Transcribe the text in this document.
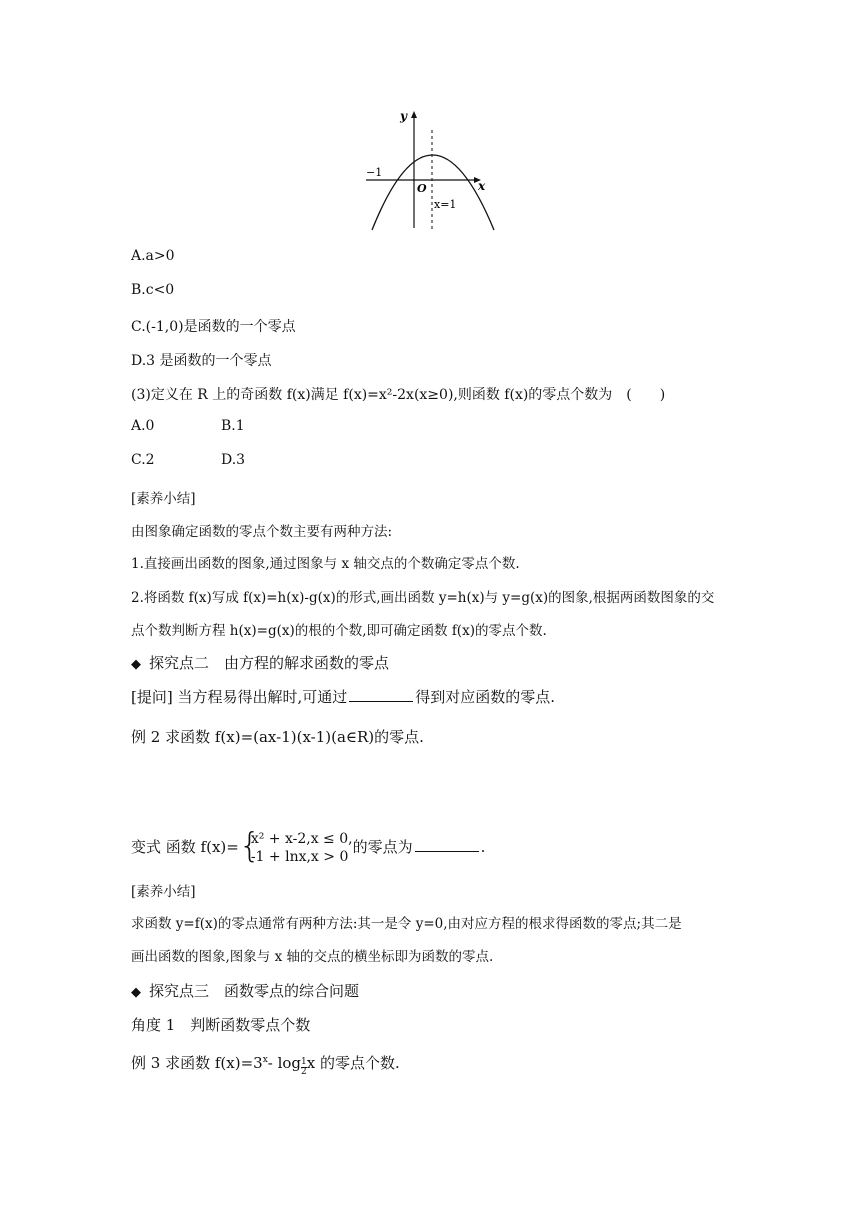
y
x
O
−1
x=1
A.a>0
B.c<0
C.(-1,0)是函数的一个零点
D.3 是函数的一个零点
(3)定义在 R 上的奇函数 f(x)满足 f(x)=x²-2x(x≥0),则函数 f(x)的零点个数为　(　　)
A.0	B.1
C.2	D.3
[素养小结]
由图象确定函数的零点个数主要有两种方法:
1.直接画出函数的图象,通过图象与 x 轴交点的个数确定零点个数.
2.将函数 f(x)写成 f(x)=h(x)-g(x)的形式,画出函数 y=h(x)与 y=g(x)的图象,根据两函数图象的交
点个数判断方程 h(x)=g(x)的根的个数,即可确定函数 f(x)的零点个数.
◆ 探究点二　由方程的解求函数的零点
[提问] 当方程易得出解时,可通过	得到对应函数的零点.
例 2 求函数 f(x)=(ax-1)(x-1)(a∈R)的零点.
变式 函数 f(x)= {
x² + x-2,x ≤ 0,
-1 + lnx,x > 0
的零点为	.
[素养小结]
求函数 y=f(x)的零点通常有两种方法:其一是令 y=0,由对应方程的根求得函数的零点;其二是
画出函数的图象,图象与 x 轴的交点的横坐标即为函数的零点.
◆ 探究点三　函数零点的综合问题
角度 1　判断函数零点个数
例 3 求函数 $f(x)=3^x-$ $\log \frac{1}{2}$ x 的零点个数.
